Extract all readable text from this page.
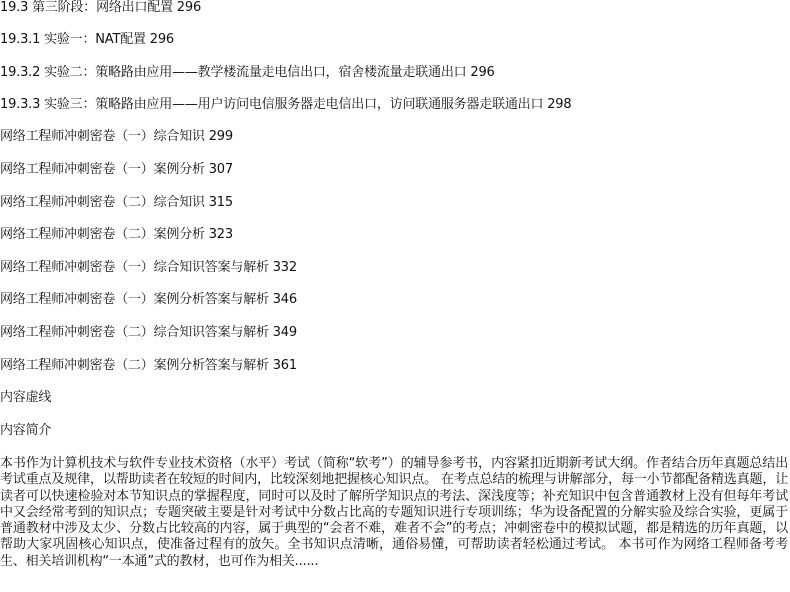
19.3 第三阶段：网络出口配置 296
19.3.1 实验一：NAT配置 296
19.3.2 实验二：策略路由应用——教学楼流量走电信出口，宿舍楼流量走联通出口 296
19.3.3 实验三：策略路由应用——用户访问电信服务器走电信出口，访问联通服务器走联通出口 298
网络工程师冲刺密卷（一）综合知识 299
网络工程师冲刺密卷（一）案例分析 307
网络工程师冲刺密卷（二）综合知识 315
网络工程师冲刺密卷（二）案例分析 323
网络工程师冲刺密卷（一）综合知识答案与解析 332
网络工程师冲刺密卷（一）案例分析答案与解析 346
网络工程师冲刺密卷（二）综合知识答案与解析 349
网络工程师冲刺密卷（二）案例分析答案与解析 361
内容虚线
内容简介
本书作为计算机技术与软件专业技术资格（水平）考试（简称“软考”）的辅导参考书，内容紧扣近期新考试大纲。作者结合历年真题总结出考试重点及规律，以帮助读者在较短的时间内，比较深刻地把握核心知识点。 在考点总结的梳理与讲解部分，每一小节都配备精选真题，让读者可以快速检验对本节知识点的掌握程度，同时可以及时了解所学知识点的考法、深浅度等；补充知识中包含普通教材上没有但每年考试中又会经常考到的知识点；专题突破主要是针对考试中分数占比高的专题知识进行专项训练；华为设备配置的分解实验及综合实验，更属于普通教材中涉及太少、分数占比较高的内容，属于典型的“会者不难，难者不会”的考点；冲刺密卷中的模拟试题，都是精选的历年真题，以帮助大家巩固核心知识点，使准备过程有的放矢。全书知识点清晰，通俗易懂，可帮助读者轻松通过考试。 本书可作为网络工程师备考考生、相关培训机构“一本通”式的教材，也可作为相关......
